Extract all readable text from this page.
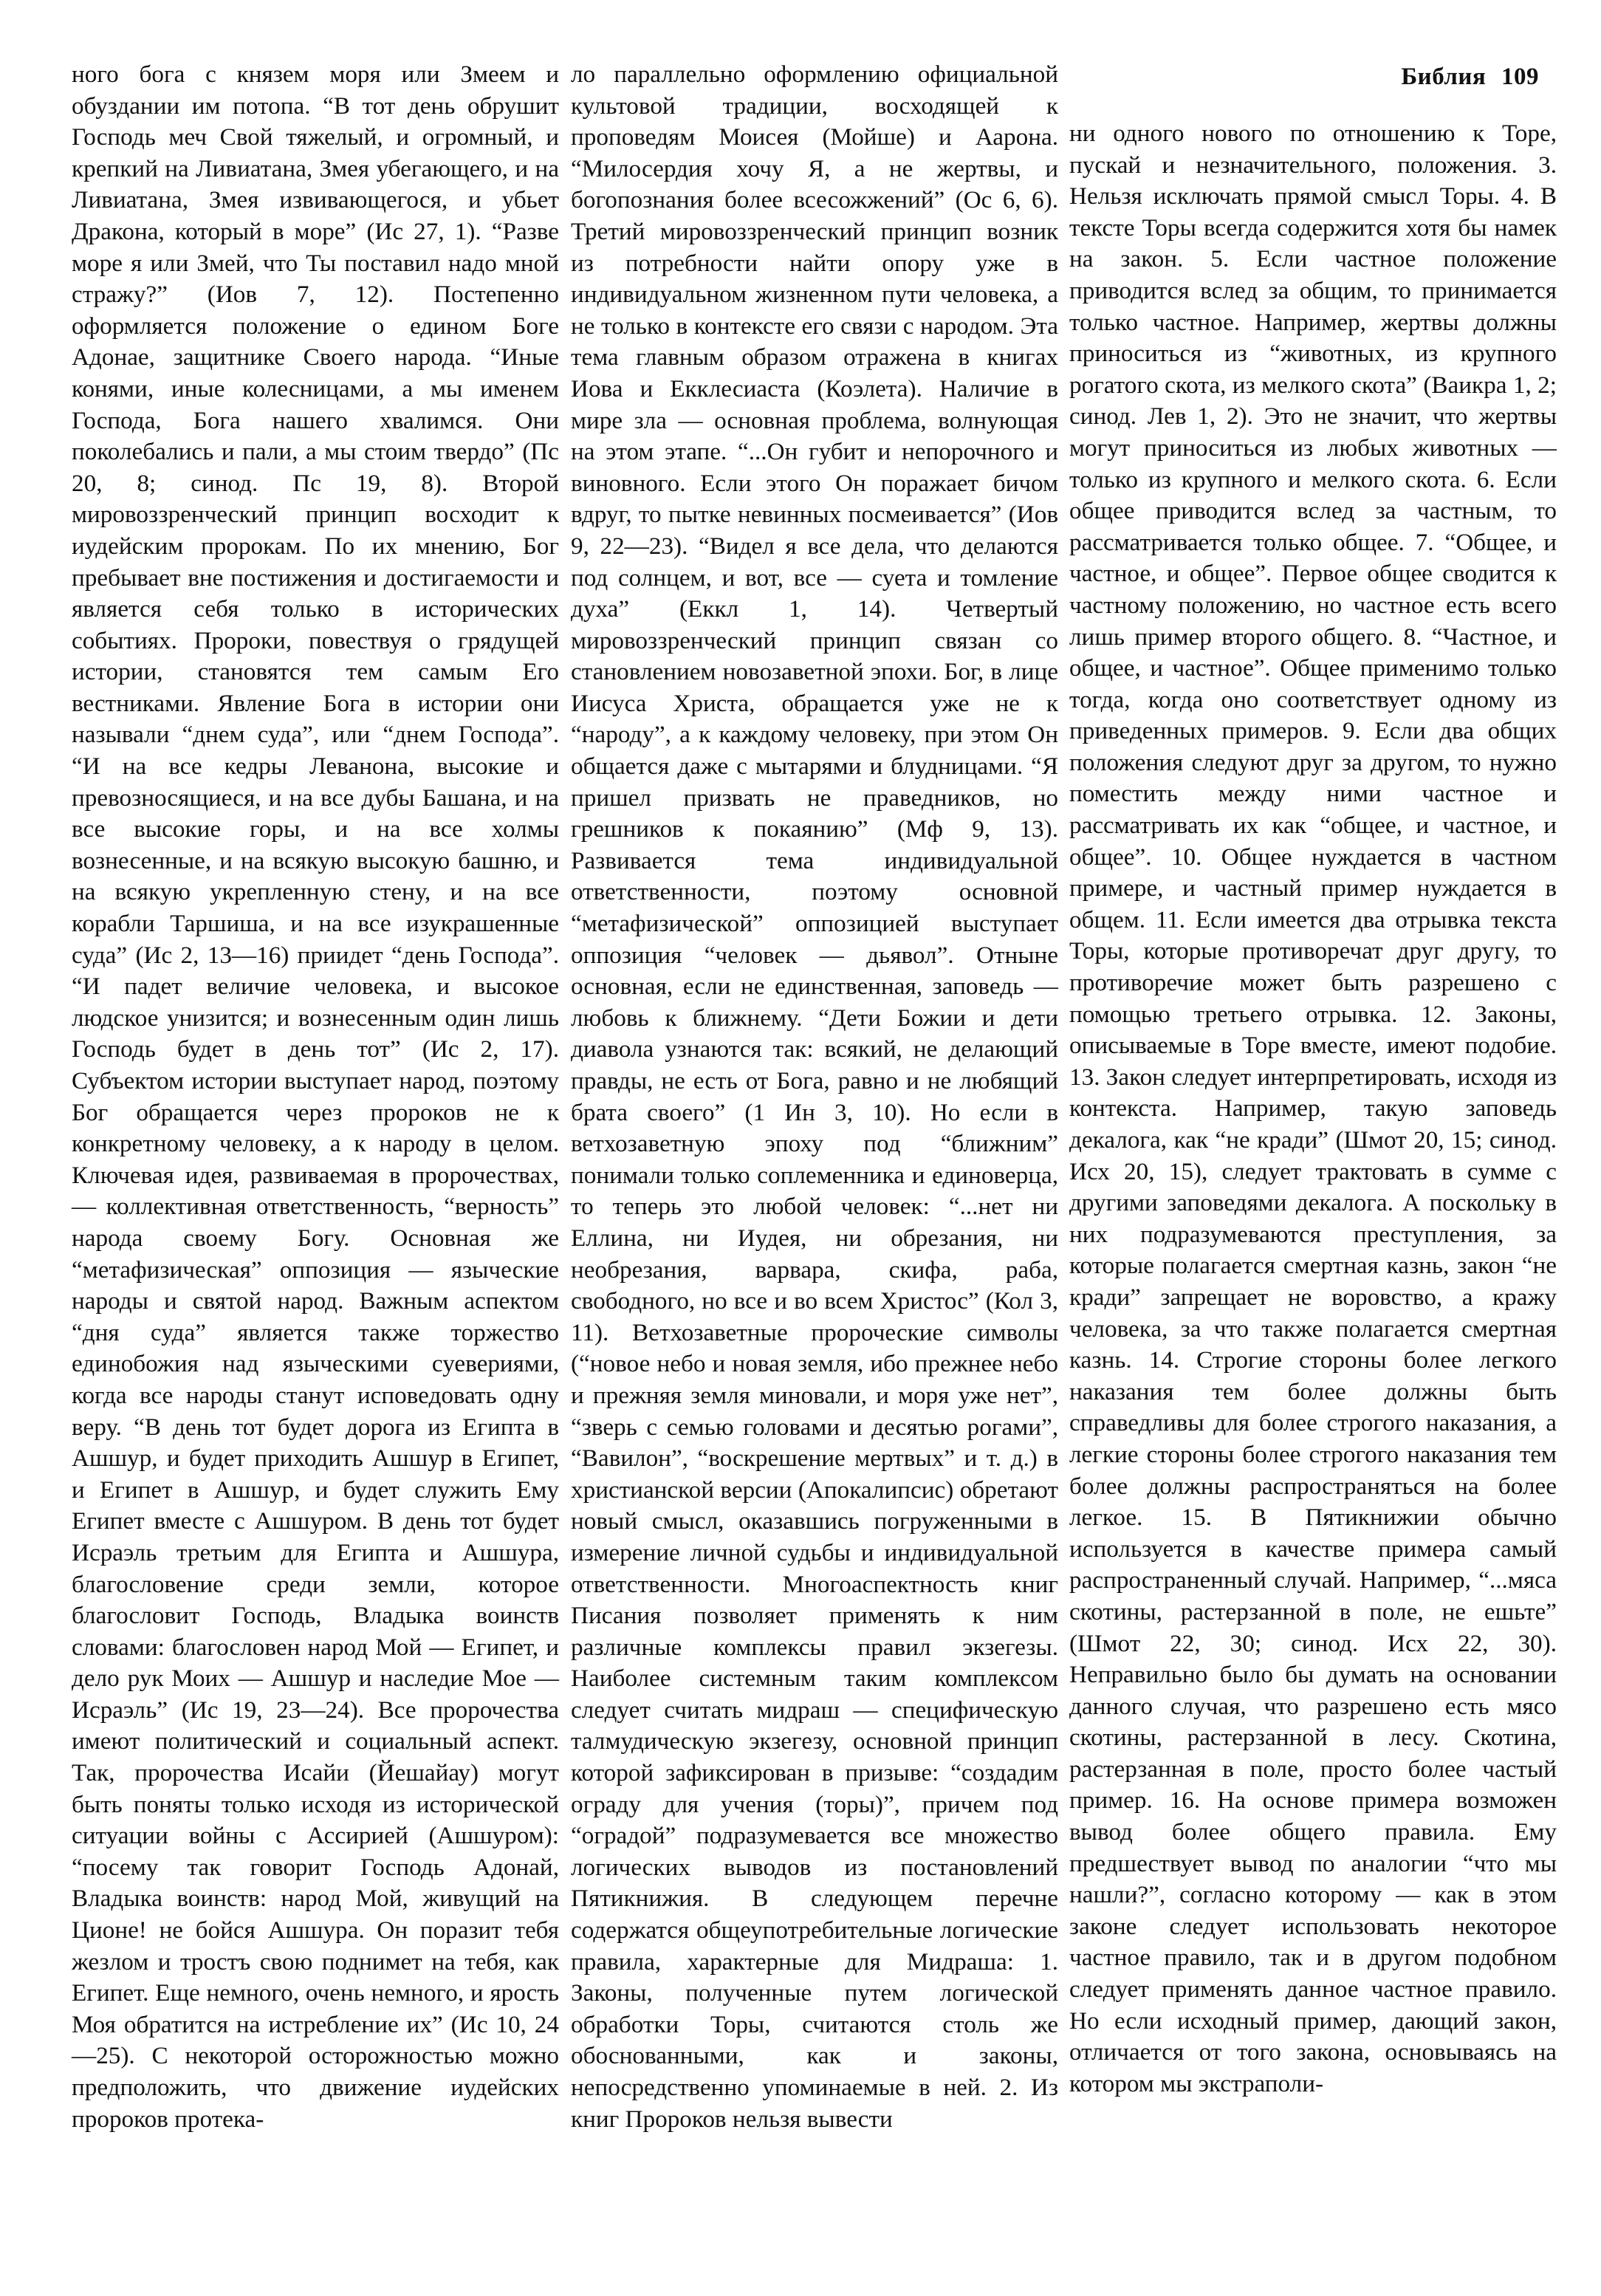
Библия 109

ного бога с князем моря или Змеем и обуздании им потопа. “В тот день обрушит Господь меч Свой тяжелый, и огромный, и крепкий на Ливиатана, Змея убегающего, и на Ливиатана, Змея извивающегося, и убьет Дракона, который в море” (Ис 27, 1). “Разве море я или Змей, что Ты поставил надо мной стражу?” (Иов 7, 12). Постепенно оформляется положение о едином Боге Адонае, защитнике Своего народа. “Иные конями, иные колесницами, а мы именем Господа, Бога нашего хвалимся. Они поколебались и пали, а мы стоим твердо” (Пс 20, 8; синод. Пс 19, 8). Второй мировоззренческий принцип восходит к иудейским пророкам. По их мнению, Бог пребывает вне постижения и достигаемости и является себя только в исторических событиях. Пророки, повествуя о грядущей истории, становятся тем самым Его вестниками. Явление Бога в истории они называли “днем суда”, или “днем Господа”. “И на все кедры Леванона, высокие и превозносящиеся, и на все дубы Башана, и на все высокие горы, и на все холмы вознесенные, и на всякую высокую башню, и на всякую укрепленную стену, и на все корабли Таршиша, и на все изукрашенные суда” (Ис 2, 13—16) приидет “день Господа”. “И падет величие человека, и высокое людское унизится; и вознесенным один лишь Господь будет в день тот” (Ис 2, 17). Субъектом истории выступает народ, поэтому Бог обращается через пророков не к конкретному человеку, а к народу в целом. Ключевая идея, развиваемая в пророчествах, — коллективная ответственность, “верность” народа своему Богу. Основная же “метафизическая” оппозиция — языческие народы и святой народ. Важным аспектом “дня суда” является также торжество единобожия над языческими суевериями, когда все народы станут исповедовать одну веру. “В день тот будет дорога из Египта в Ашшур, и будет приходить Ашшур в Египет, и Египет в Ашшур, и будет служить Ему Египет вместе с Ашшуром. В день тот будет Исраэль третьим для Египта и Ашшура, благословение среди земли, которое благословит Господь, Владыка воинств словами: благословен народ Мой — Египет, и дело рук Моих — Ашшур и наследие Мое — Исраэль” (Ис 19, 23—24). Все пророчества имеют политический и социальный аспект. Так, пророчества Исайи (Йешайау) могут быть поняты только исходя из исторической ситуации войны с Ассирией (Ашшуром): “посему так говорит Господь Адонай, Владыка воинств: народ Мой, живущий на Ционе! не бойся Ашшура. Он поразит тебя жезлом и тростъ свою поднимет на тебя, как Египет. Еще немного, очень немного, и ярость Моя обратится на истребление их” (Ис 10, 24—25). С некоторой осторожностью можно предположить, что движение иудейских пророков протека-

ло параллельно оформлению официальной культовой традиции, восходящей к проповедям Моисея (Мойше) и Аарона. “Милосердия хочу Я, а не жертвы, и богопознания более всесожжений” (Ос 6, 6). Третий мировоззренческий принцип возник из потребности найти опору уже в индивидуальном жизненном пути человека, а не только в контексте его связи с народом. Эта тема главным образом отражена в книгах Иова и Екклесиаста (Коэлета). Наличие в мире зла — основная проблема, волнующая на этом этапе. “...Он губит и непорочного и виновного. Если этого Он поражает бичом вдруг, то пытке невинных посмеивается” (Иов 9, 22—23). “Видел я все дела, что делаются под солнцем, и вот, все — суета и томление духа” (Еккл 1, 14). Четвертый мировоззренческий принцип связан со становлением новозаветной эпохи. Бог, в лице Иисуса Христа, обращается уже не к “народу”, а к каждому человеку, при этом Он общается даже с мытарями и блудницами. “Я пришел призвать не праведников, но грешников к покаянию” (Мф 9, 13). Развивается тема индивидуальной ответственности, поэтому основной “метафизической” оппозицией выступает оппозиция “человек — дьявол”. Отныне основная, если не единственная, заповедь — любовь к ближнему. “Дети Божии и дети диавола узнаются так: всякий, не делающий правды, не есть от Бога, равно и не любящий брата своего” (1 Ин 3, 10). Но если в ветхозаветную эпоху под “ближним” понимали только соплеменника и единоверца, то теперь это любой человек: “...нет ни Еллина, ни Иудея, ни обрезания, ни необрезания, варвара, скифа, раба, свободного, но все и во всем Христос” (Кол 3, 11). Ветхозаветные пророческие символы (“новое небо и новая земля, ибо прежнее небо и прежняя земля миновали, и моря уже нет”, “зверь с семью головами и десятью рогами”, “Вавилон”, “воскрешение мертвых” и т. д.) в христианской версии (Апокалипсис) обретают новый смысл, оказавшись погруженными в измерение личной судьбы и индивидуальной ответственности. Многоаспектность книг Писания позволяет применять к ним различные комплексы правил экзегезы. Наиболее системным таким комплексом следует считать мидраш — специфическую талмудическую экзегезу, основной принцип которой зафиксирован в призыве: “создадим ограду для учения (торы)”, причем под “оградой” подразумевается все множество логических выводов из постановлений Пятикнижия. В следующем перечне содержатся общеупотребительные логические правила, характерные для Мидраша: 1. Законы, полученные путем логической обработки Торы, считаются столь же обоснованными, как и законы, непосредственно упоминаемые в ней. 2. Из книг Пророков нельзя вывести

ни одного нового по отношению к Торе, пускай и незначительного, положения. 3. Нельзя исключать прямой смысл Торы. 4. В тексте Торы всегда содержится хотя бы намек на закон. 5. Если частное положение приводится вслед за общим, то принимается только частное. Например, жертвы должны приноситься из “животных, из крупного рогатого скота, из мелкого скота” (Ваикра 1, 2; синод. Лев 1, 2). Это не значит, что жертвы могут приноситься из любых животных — только из крупного и мелкого скота. 6. Если общее приводится вслед за частным, то рассматривается только общее. 7. “Общее, и частное, и общее”. Первое общее сводится к частному положению, но частное есть всего лишь пример второго общего. 8. “Частное, и общее, и частное”. Общее применимо только тогда, когда оно соответствует одному из приведенных примеров. 9. Если два общих положения следуют друг за другом, то нужно поместить между ними частное и рассматривать их как “общее, и частное, и общее”. 10. Общее нуждается в частном примере, и частный пример нуждается в общем. 11. Если имеется два отрывка текста Торы, которые противоречат друг другу, то противоречие может быть разрешено с помощью третьего отрывка. 12. Законы, описываемые в Торе вместе, имеют подобие. 13. Закон следует интерпретировать, исходя из контекста. Например, такую заповедь декалога, как “не кради” (Шмот 20, 15; синод. Исх 20, 15), следует трактовать в сумме с другими заповедями декалога. А поскольку в них подразумеваются преступления, за которые полагается смертная казнь, закон “не кради” запрещает не воровство, а кражу человека, за что также полагается смертная казнь. 14. Строгие стороны более легкого наказания тем более должны быть справедливы для более строгого наказания, а легкие стороны более строгого наказания тем более должны распространяться на более легкое. 15. В Пятикнижии обычно используется в качестве примера самый распространенный случай. Например, “...мяса скотины, растерзанной в поле, не ешьте” (Шмот 22, 30; синод. Исх 22, 30). Неправильно было бы думать на основании данного случая, что разрешено есть мясо скотины, растерзанной в лесу. Скотина, растерзанная в поле, просто более частый пример. 16. На основе примера возможен вывод более общего правила. Ему предшествует вывод по аналогии “что мы нашли?”, согласно которому — как в этом законе следует использовать некоторое частное правило, так и в другом подобном следует применять данное частное правило. Но если исходный пример, дающий закон, отличается от того закона, основываясь на котором мы экстраполи-
